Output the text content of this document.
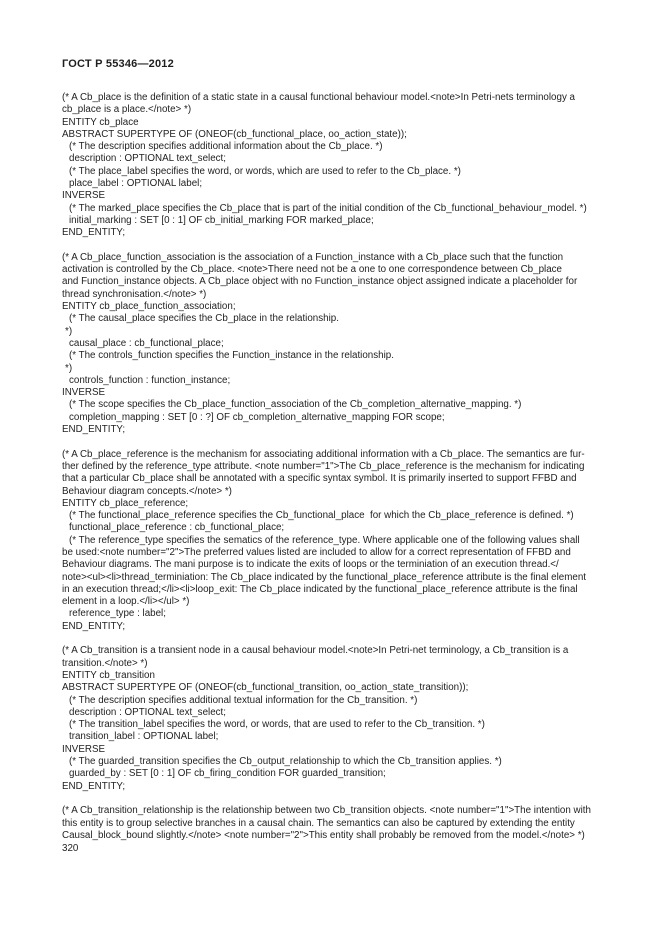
ГОСТ Р 55346—2012
(* A Cb_place is the definition of a static state in a causal functional behaviour model.<note>In Petri-nets terminology a
cb_place is a place.</note> *)
ENTITY cb_place
ABSTRACT SUPERTYPE OF (ONEOF(cb_functional_place, oo_action_state));
(* The description specifies additional information about the Cb_place. *)
description : OPTIONAL text_select;
(* The place_label specifies the word, or words, which are used to refer to the Cb_place. *)
place_label : OPTIONAL label;
INVERSE
(* The marked_place specifies the Cb_place that is part of the initial condition of the Cb_functional_behaviour_model. *)
initial_marking : SET [0 : 1] OF cb_initial_marking FOR marked_place;
END_ENTITY;
(* A Cb_place_function_association is the association of a Function_instance with a Cb_place such that the function
activation is controlled by the Cb_place. <note>There need not be a one to one correspondence between Cb_place
and Function_instance objects. A Cb_place object with no Function_instance object assigned indicate a placeholder for
thread synchronisation.</note> *)
ENTITY cb_place_function_association;
(* The causal_place specifies the Cb_place in the relationship.
*)
causal_place : cb_functional_place;
(* The controls_function specifies the Function_instance in the relationship.
*)
controls_function : function_instance;
INVERSE
(* The scope specifies the Cb_place_function_association of the Cb_completion_alternative_mapping. *)
completion_mapping : SET [0 : ?] OF cb_completion_alternative_mapping FOR scope;
END_ENTITY;
(* A Cb_place_reference is the mechanism for associating additional information with a Cb_place. The semantics are fur-
ther defined by the reference_type attribute. <note number="1">The Cb_place_reference is the mechanism for indicating
that a particular Cb_place shall be annotated with a specific syntax symbol. It is primarily inserted to support FFBD and
Behaviour diagram concepts.</note> *)
ENTITY cb_place_reference;
(* The functional_place_reference specifies the Cb_functional_place  for which the Cb_place_reference is defined. *)
functional_place_reference : cb_functional_place;
(* The reference_type specifies the sematics of the reference_type. Where applicable one of the following values shall
be used:<note number="2">The preferred values listed are included to allow for a correct representation of FFBD and
Behaviour diagrams. The mani purpose is to indicate the exits of loops or the terminiation of an execution thread.</
note><ul><li>thread_terminiation: The Cb_place indicated by the functional_place_reference attribute is the final element
in an execution thread;</li><li>loop_exit: The Cb_place indicated by the functional_place_reference attribute is the final
element in a loop.</li></ul> *)
reference_type : label;
END_ENTITY;
(* A Cb_transition is a transient node in a causal behaviour model.<note>In Petri-net terminology, a Cb_transition is a
transition.</note> *)
ENTITY cb_transition
ABSTRACT SUPERTYPE OF (ONEOF(cb_functional_transition, oo_action_state_transition));
(* The description specifies additional textual information for the Cb_transition. *)
description : OPTIONAL text_select;
(* The transition_label specifies the word, or words, that are used to refer to the Cb_transition. *)
transition_label : OPTIONAL label;
INVERSE
(* The guarded_transition specifies the Cb_output_relationship to which the Cb_transition applies. *)
guarded_by : SET [0 : 1] OF cb_firing_condition FOR guarded_transition;
END_ENTITY;
(* A Cb_transition_relationship is the relationship between two Cb_transition objects. <note number="1">The intention with
this entity is to group selective branches in a causal chain. The semantics can also be captured by extending the entity
Causal_block_bound slightly.</note> <note number="2">This entity shall probably be removed from the model.</note> *)
320
